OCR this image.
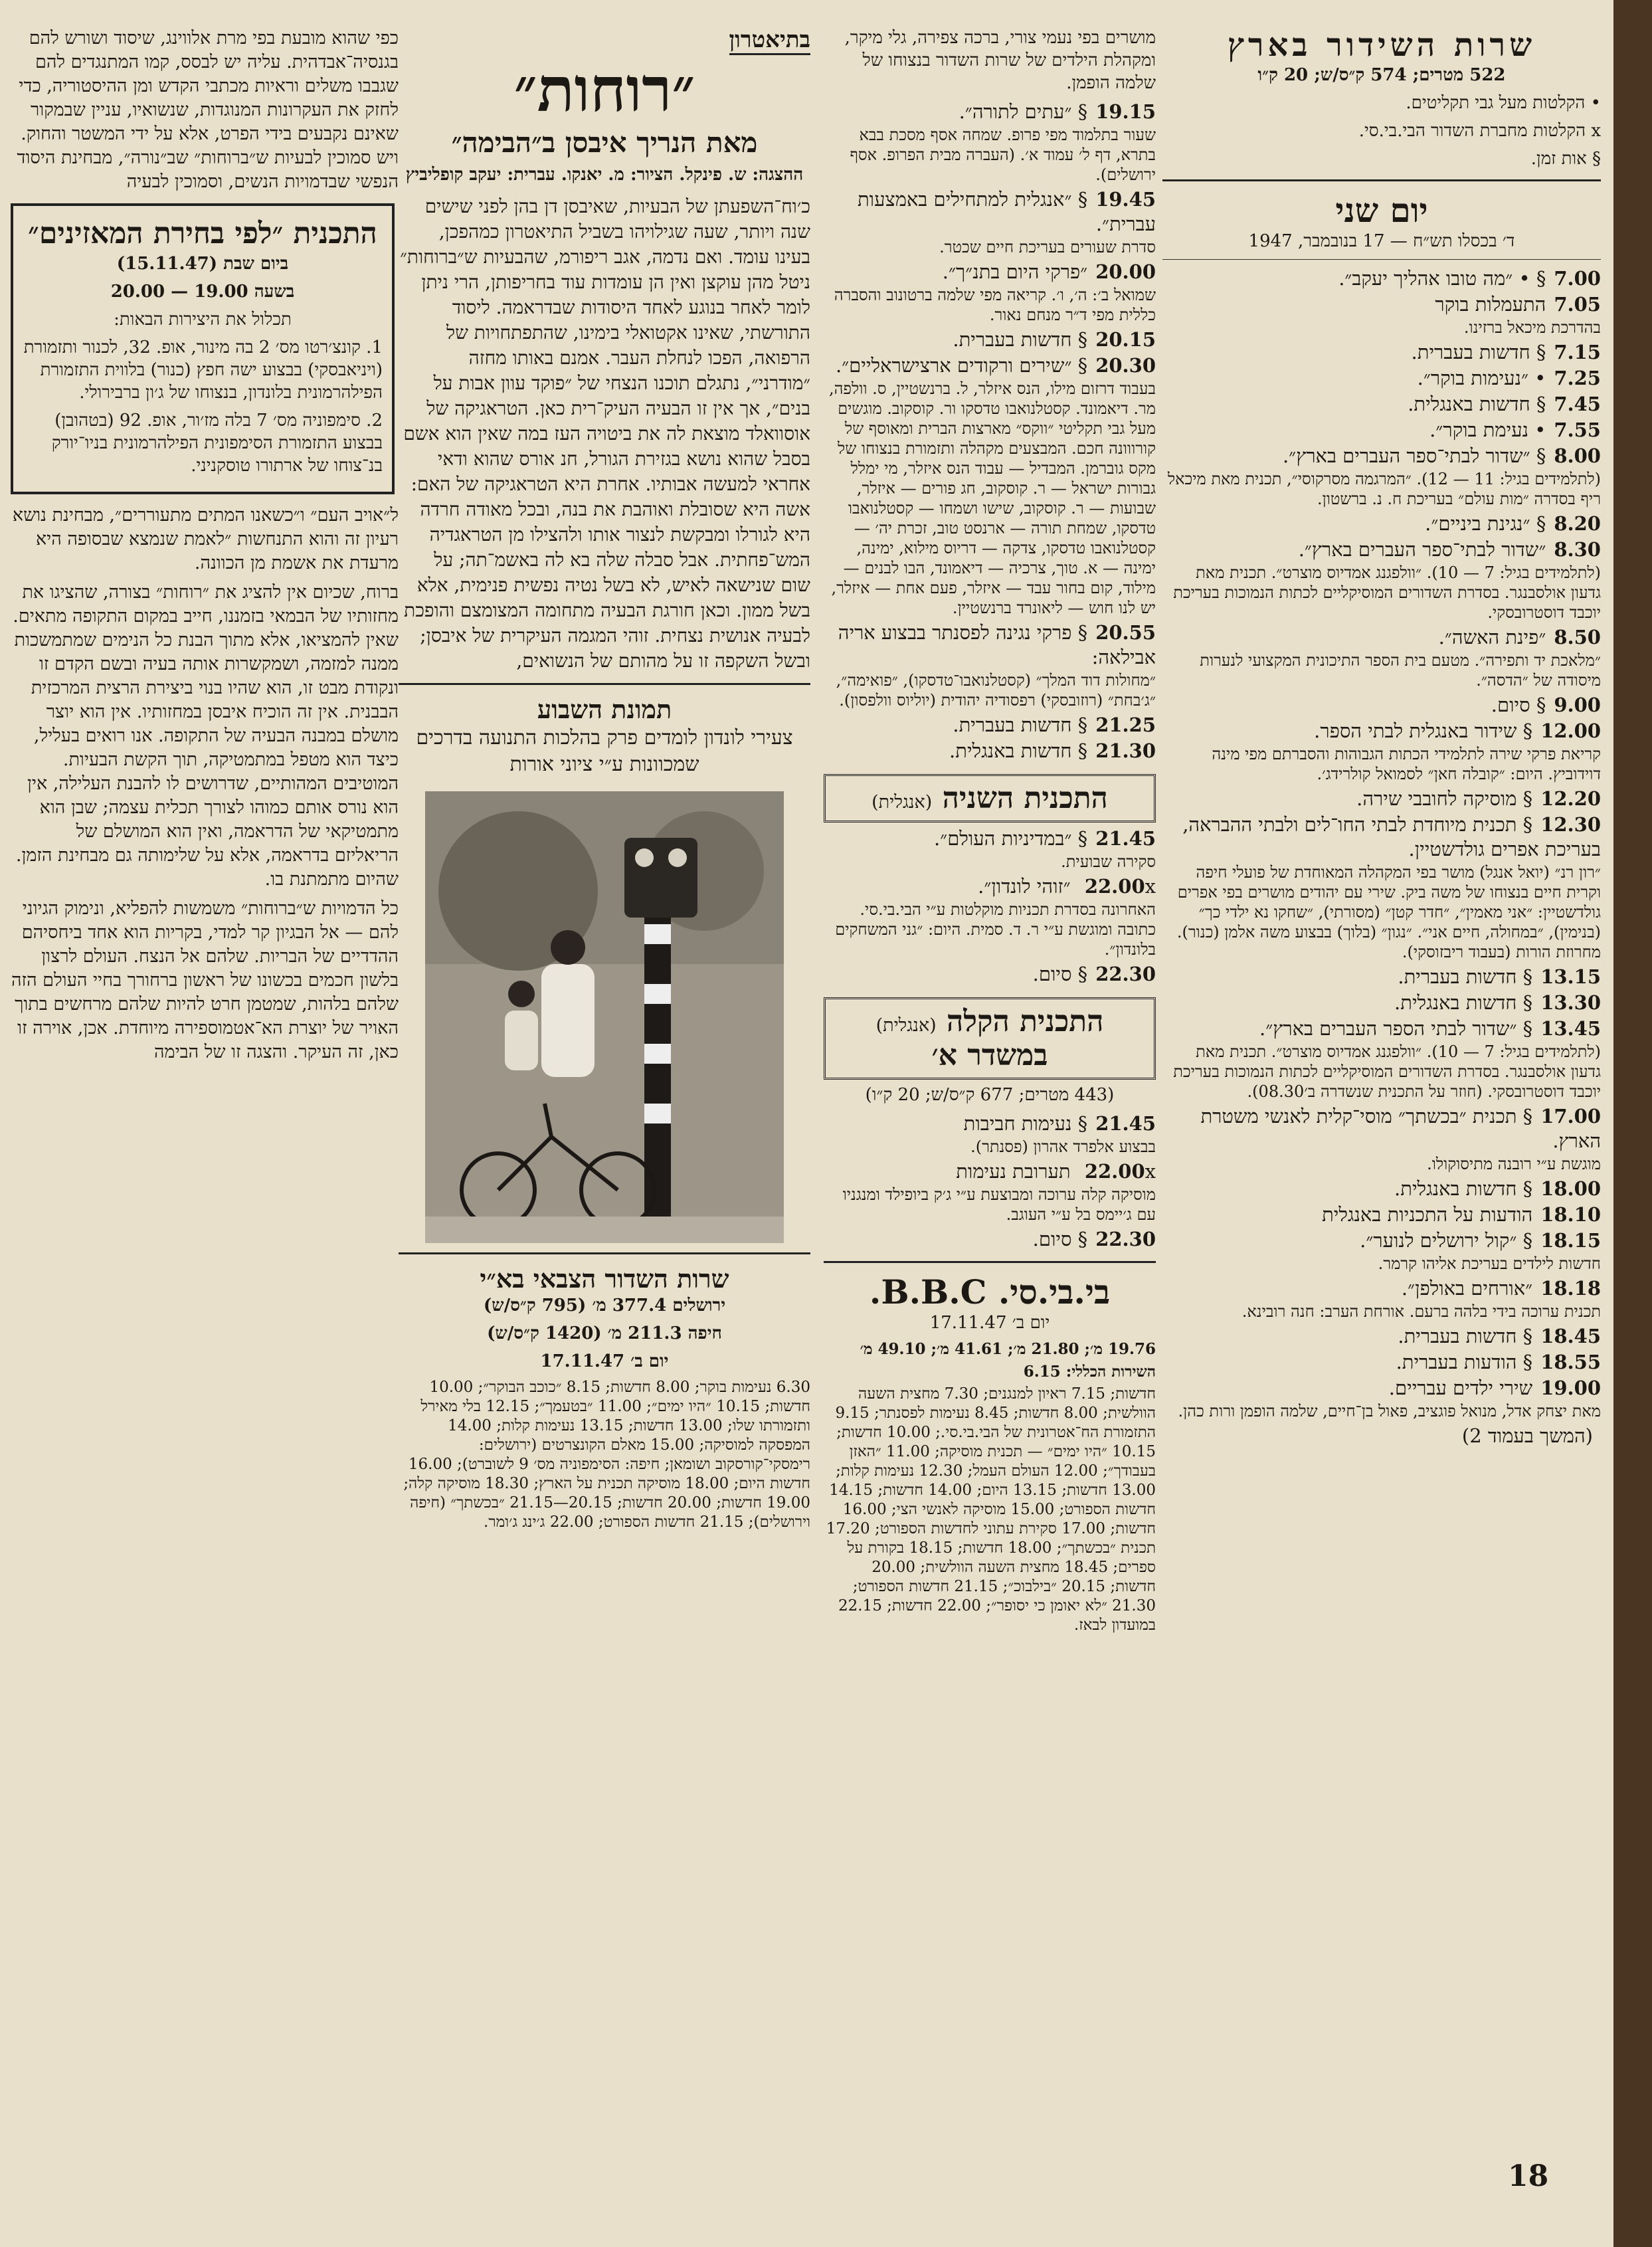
שרות השידור בארץ
522 מטרים; 574 ק״ס/ש; 20 ק״ו
• הקלטות מעל גבי תקליטים.
x הקלטות מחברת השדור הבי.בי.סי.
§ אות זמן.
יום שני
ד׳ בכסלו תש״ח — 17 בנובמבר, 1947
7.00§ • ״מה טובו אהליך יעקב״.
7.05התעמלות בוקר
בהדרכת מיכאל ברזינו.
7.15§ חדשות בעברית.
7.25• ״נעימות בוקר״.
7.45§ חדשות באנגלית.
7.55• נעימת בוקר״.
8.00§ ״שדור לבתי־ספר העברים בארץ״.
(לתלמידים בגיל: 11 — 12). ״המרגמה מסרקוסי״, תכנית מאת מיכאל ריף בסדרה ״מות עולם״ בעריכת ח. נ. ברשטון.
8.20§ ״נגינת ביניים״.
8.30״שדור לבתי־ספר העברים בארץ״.
(לתלמידים בגיל: 7 — 10). ״וולפגנג אמדיוס מוצרט״. תכנית מאת גדעון אולסבנגר. בסדרת השדורים המוסיקליים לכתות הנמוכות בעריכת יוכבד דוסטרובסקי.
8.50״פינת האשה״.
״מלאכת יד ותפירה״. מטעם בית הספר התיכונית המקצועי לנערות מיסודה של ״הדסה״.
9.00§ סיום.
12.00§ שידור באנגלית לבתי הספר.
קריאת פרקי שירה לתלמידי הכתות הגבוהות והסברתם מפי מינה דוידוביץ. היום: ״קובלה חאן״ לסמואל קולרידג׳.
12.20§ מוסיקה לחובבי שירה.
12.30§ תכנית מיוחדת לבתי החו־לים ולבתי ההבראה, בעריכת אפרים גולדשטיין.
״רון רנ״ (יואל אנגל) מושר בפי המקהלה המאוחדת של פועלי חיפה וקרית חיים בנצוחו של משה ביק. שירי עם יהודים מושרים בפי אפרים גולדשטיין: ״אני מאמין״, ״חדר קטן״ (מסורתי), ״שחקו נא ילדי כך״ (בנימין), ״במחולה, חיים אני״. ״נגון״ (בלוך) בבצוע משה אלמן (כנור). מחרוזת הורות (בעבוד ריבזוסקי).
13.15§ חדשות בעברית.
13.30§ חדשות באנגלית.
13.45§ ״שדור לבתי הספר העברים בארץ״.
(לתלמידים בגיל: 7 — 10). ״וולפגנג אמדיוס מוצרט״. תכנית מאת גדעון אולסבנגר. בסדרת השדורים המוסיקליים לכתות הנמוכות בעריכת יוכבד דוסטרובסקי. (חוזר על התכנית שנשדרה ב׳08.30).
17.00§ תכנית ״בכשתך״ מוסי־קלית לאנשי משטרת הארץ.
מוגשת ע״י רובנה מתיסוקולו.
18.00§ חדשות באנגלית.
18.10הודעות על התכניות באנגלית
18.15§ ״קול ירושלים לנוער״.
חדשות לילדים בעריכת אליהו קרמר.
18.18״אורחים באולפן״.
תכנית ערוכה בידי בלהה ברעם. אורחת הערב: חנה רובינא.
18.45§ חדשות בעברית.
18.55§ הודעות בעברית.
19.00שירי ילדים עבריים.
מאת יצחק אדל, מנואל פוגציב, פאול בן־חיים, שלמה הופמן ורות כהן.
(המשך בעמוד 2)

מושרים בפי נעמי צורי, ברכה צפירה, גלי מיקר, ומקהלת הילדים של שרות השדור בנצוחו של שלמה הופמן.

19.15§ ״עתים לתורה״.
שעור בתלמוד מפי פרופ. שמחה אסף מסכת בבא בתרא, דף ל׳ עמוד א׳. (העברה מבית הפרופ. אסף ירושלים).
19.45§ ״אנגלית למתחילים באמצעות עברית״.
סדרת שעורים בעריכת חיים שכטר.
20.00״פרקי היום בתנ״ך״.
שמואל ב׳: ה׳, ו׳. קריאה מפי שלמה ברטונוב והסברה כללית מפי ד״ר מנחם נאור.
20.15§ חדשות בעברית.
20.30§ ״שירים ורקודים ארצישראליים״.
בעבוד דרזום מילו, הנס איזלר, ל. ברנשטיין, ס. וולפה, מר. דיאמונד. קסטלנואבו טדסקו ור. קוסקוב. מוגשים מעל גבי תקליטי ״ווקס״ מארצות הברית ומאוסף של קורווונה חכם. המבצעים מקהלה ותזמורת בנצוחו של מקס גוברמן. המבדיל — עבוד הנס איזלר, מי ימלל גבורות ישראל — ר. קוסקוב, חג פורים — איזלר, שבועות — ר. קוסקוב, שישו ושמחו — קסטלנואבו טדסקו, שמחת תורה — ארנסט טוב, זכרת יה׳ — קסטלנואבו טדסקו, צדקה — דריוס מילוא, ימינה, ימינה — א. טוך, צרכיה — דיאמונד, הבו לבנים — מילוד, קום בחור עבד — איזלר, פעם אחת — איזלר, יש לנו חוש — ליאונרד ברנשטיין.
20.55§ פרקי נגינה לפסנתר בבצוע אריה אבילאה:
״מחולות דוד המלך״ (קסטלנואבו־טדסקו), ״פואימה״, ״ג׳בחת״ (רוזובסקי) רפסודיה יהודית (יוליוס וולפסון).
21.25§ חדשות בעברית.
21.30§ חדשות באנגלית.
התכנית השניה (אנגלית)
21.45§ ״במדיניות העולם״.
סקירה שבועית.
22.00x ״זוהי לונדון״.
האחרונה בסדרת תכניות מוקלטות ע״י הבי.בי.סי. כתובה ומוגשת ע״י ר. ד. סמית. היום: ״גני המשחקים בלונדון״.
22.30§ סיום.
התכנית הקלה (אנגלית)
במשדר א׳
(443 מטרים; 677 ק״ס/ש; 20 ק״ו)
21.45§ נעימות חביבות
בבצוע אלפרד אהרון (פסנתר).
22.00x תערובת נעימות
מוסיקה קלה ערוכה ומבוצעת ע״י ג׳ק ביופילד ומנגניו עם ג׳יימס בל ע״י העוגב.
22.30§ סיום.
בי.בי.סי. B.B.C.
יום ב׳ 17.11.47
19.76 מ׳; 21.80 מ׳; 41.61 מ׳; 49.10 מ׳
השירות הכללי: 6.15

חדשות; 7.15 ראיון למנגנים; 7.30 מחצית השעה הוולשית; 8.00 חדשות; 8.45 נעימות לפסנתר; 9.15 התזמורת הח־אטרונית של הבי.בי.סי.; 10.00 חדשות; 10.15 ״היו ימים״ — תכנית מוסיקה; 11.00 ״האזן בעבודך״; 12.00 העולם העמל; 12.30 נעימות קלות; 13.00 חדשות; 13.15 היום; 14.00 חדשות; 14.15 חדשות הספורט; 15.00 מוסיקה לאנשי הצי; 16.00 חדשות; 17.00 סקירת עתוני לחדשות הספורט; 17.20 תכנית ״בכשתך״; 18.00 חדשות; 18.15 בקורת על ספרים; 18.45 מחצית השעה הוולשית; 20.00 חדשות; 20.15 ״בילבוכ״; 21.15 חדשות הספורט; 21.30 ״לא יאומן כי יסופר״; 22.00 חדשות; 22.15 במועדון לבאז.

בתיאטרון
״רוחות״
מאת הנריך איבסן ב״הבימה״
ההצגה: ש. פינקל. הציור: מ. יאנקו. עברית: יעקב קופליביץ

כ׳וח־השפעתן של הבעיות, שאיבסן דן בהן לפני שישים שנה ויותר, שעה שגילויהו בשביל התיאטרון כמהפכן, בעינו עומד. ואם נדמה, אגב ריפורמ, שהבעיות ש״ברוחות״ ניטל מהן עוקצן ואין הן עומדות עוד בחריפותן, הרי ניתן לומר לאחר בנוגע לאחד היסודות שבדראמה. ליסוד התורשתי, שאינו אקטואלי בימינו, שהתפתחויות של הרפואה, הפכו לנחלת העבר. אמנם באותו מחזה ״מודרני״, נתגלם תוכנו הנצחי של ״פוקד עוון אבות על בנים״, אך אין זו הבעיה העיק־רית כאן. הטראגיקה של אוסוואלד מוצאת לה את ביטויה העז במה שאין הוא אשם בסבל שהוא נושא בגזירת הגורל, חנ אורס שהוא ודאי אחראי למעשה אבותיו. אחרת היא הטראגיקה של האם: אשה היא שסובלת ואוהבת את בנה, ובכל מאודה חרדה היא לגורלו ומבקשת לנצור אותו ולהצילו מן הטראגדיה המש־פחתית. אבל סבלה שלה בא לה באשמ־תה; על שום שנישאה לאיש, לא בשל נטיה נפשית פנימית, אלא בשל ממון. וכאן חורגת הבעיה מתחומה המצומצם והופכת לבעיה אנושית נצחית. זוהי המגמה העיקרית של איבסן; ובשל השקפה זו על מהותם של הנשואים,

תמונת השבוע
צעירי לונדון לומדים פרק בהלכות התנועה בדרכים שמכוונות ע״י ציוני אורות
שרות השדור הצבאי בא״י
ירושלים 377.4 מ׳ (795 ק״ס/ש)
חיפה 211.3 מ׳ (1420 ק״ס/ש)
יום ב׳ 17.11.47

6.30 נעימות בוקר; 8.00 חדשות; 8.15 ״כוכב הבוקר״; 10.00 חדשות; 10.15 ״היו ימים״; 11.00 ״בטעמך״; 12.15 בלי מאירל ותזמורתו שלו; 13.00 חדשות; 13.15 נעימות קלות; 14.00 המפסקה למוסיקה; 15.00 מאלם הקונצרטים (ירושלים: רימסקי־קורסקוב ושומאן; חיפה: הסימפוניה מס׳ 9 לשוברט); 16.00 חדשות היום; 18.00 מוסיקה תכנית על הארץ; 18.30 מוסיקה קלה; 19.00 חדשות; 20.00 חדשות; 20.15—21.15 ״בכשתך״ (חיפה וירושלים); 21.15 חדשות הספורט; 22.00 ג׳ינג ג׳ומר.

כפי שהוא מובעת בפי מרת אלווינג, שיסוד ושורש להם בגנסיה־אבדהית. עליה יש לבסס, קמו המתנגדים להם שגבבו משלים וראיות מכתבי הקדש ומן ההיסטוריה, כדי לחזק את העקרונות המנוגדות, שנשואיו, עניין שבמקור שאינם נקבעים בידי הפרט, אלא על ידי המשטר והחוק. ויש סמוכין לבעיות ש״ברוחות״ שב״נורה״, מבחינת היסוד הנפשי שבדמויות הנשים, וסמוכין לבעיה

התכנית ״לפי בחירת המאזינים״
ביום שבת (15.11.47)
בשעה 19.00 — 20.00
תכלול את היצירות הבאות:

1. קונצ׳רטו מס׳ 2 בה מינור, אופ. 32, לכנור ותזמורת (ויניאבסקי) בבצוע ישה חפץ (כנור) בלווית התזמורת הפילהרמונית בלונדון, בנצוחו של ג׳ון ברבירולי.

2. סימפוניה מס׳ 7 בלה מז׳ור, אופ. 92 (בטהובן) בבצוע התזמורת הסימפונית הפילהרמונית בניו־יורק בנ־צוחו של ארתורו טוסקניני.

ל״אויב העם״ ו״כשאנו המתים מתעוררים״, מבחינת נושא רעיון זה והוא התנחשות ״לאמת שנמצא שבסופה היא מרעדת את אשמת מן הכוונה.

ברוח, שכיום אין להציג את ״רוחות״ בצורה, שהציגו את מחזותיו של הבמאי בזמננו, חייב במקום התקופה מתאים. שאין להמציאו, אלא מתוך הבנת כל הנימים שמתמשכות ממנה למזמה, ושמקשרות אותה בעיה ובשם הקדם זו ונקודת מבט זו, הוא שהיו בנוי ביצירת הרצית המרכזית הבבנית. אין זה הוכיח איבסן במחזותיו. אין הוא יוצר מושלם במבנה הבעיה של התקופה. אנו רואים בעליל, כיצד הוא מטפל במתמטיקה, תוך הקשת הבעיות. המוטיבים המהותיים, שדרושים לו להבנת העלילה, אין הוא נורס אותם כמוהו לצורך תכלית עצמה; שבן הוא מתמטיקאי של הדראמה, ואין הוא המושלם של הריאליזם בדראמה, אלא על שלימותה גם מבחינת הזמן. שהיום מתמתנת בו.

כל הדמויות ש״ברוחות״ משמשות להפליא, ונימוק הגיוני להם — אל הבגיון קר למדי, בקריות הוא אחד ביחסיהם ההדדיים של הבריות. שלהם אל הנצח. העולם לרצון בלשון חכמים בכשונו של ראשון ברחורך בחיי העולם הזה שלהם בלהות, שמטמן חרט להיות שלהם מרחשים בתוך האויר של יוצרת הא־אטמוספירה מיוחדת. אכן, אוירה זו כאן, זה העיקר. והצגה זו של הבימה

18
